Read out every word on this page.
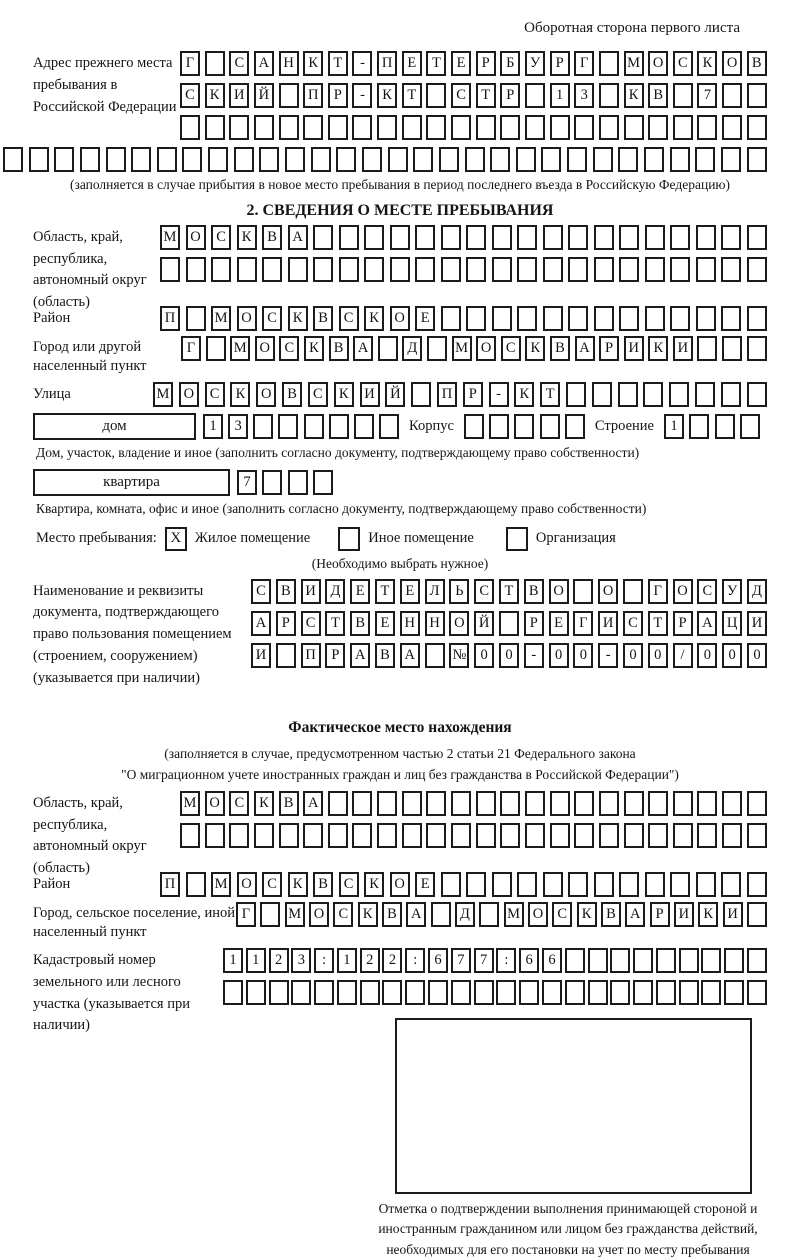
Оборотная сторона первого листа
Адрес прежнего места пребывания в Российской Федерации
Г	С	А Н	К	Т	-	П	Е	Т	Е	Р	Б	У	Р	Г	М О	С	К	О	В
С	К	И Й	П	Р	-	К	Т	С	Т	Р	1	3	К	В	7
(заполняется в случае прибытия в новое место пребывания в период последнего въезда в Российскую Федерацию)
2. СВЕДЕНИЯ О МЕСТЕ ПРЕБЫВАНИЯ
Область, край, республика, автономный округ (область)
М О	С	К	В	А
Район	П	М О	С	К	В	С	К	О	Е
Город или другой населенный пункт
Г	М О	С	К	В	А	Д	М О	С	К	В	А	Р	И	К	И
Улица	М О	С	К	О	В	С	К	И	Й	П	Р	-	К	Т
дом	1	3	Корпус	Строение	1
Дом, участок, владение и иное (заполнить согласно документу, подтверждающему право собственности)
квартира	7
Квартира, комната, офис и иное (заполнить согласно документу, подтверждающему право собственности)
Место пребывания: X Жилое помещение	Иное помещение	Организация
(Необходимо выбрать нужное)
Наименование и реквизиты документа, подтверждающего право пользования помещением (строением, сооружением) (указывается при наличии)
С	В	И	Д	Е	Т	Е	Л	Ь	С	Т	В	О	О	Г	О	С	У	Д
А	Р	С	Т	В	Е	Н Н О Й	Р	Е	Г	И	С	Т	Р	А Ц И
И	П	Р	А	В	А	№ 0	0	-	0	0	-	0	0	/	0	0	0
Фактическое место нахождения
(заполняется в случае, предусмотренном частью 2 статьи 21 Федерального закона
"О миграционном учете иностранных граждан и лиц без гражданства в Российской Федерации")
Область, край, республика, автономный округ (область)
М О	С	К	В	А
Район	П	М О	С	К	В	С	К	О	Е
Город, сельское поселение, иной населенный пункт
Г	М О С	К	В А	Д	М О С	К	В А	Р	И К И
Кадастровый номер земельного или лесного участка (указывается при наличии)
1	1	2	3	:	1	2	2	:	6	7	7	:	6	6
Отметка о подтверждении выполнения принимающей стороной и иностранным гражданином или лицом без гражданства действий, необходимых для его постановки на учет по месту пребывания
